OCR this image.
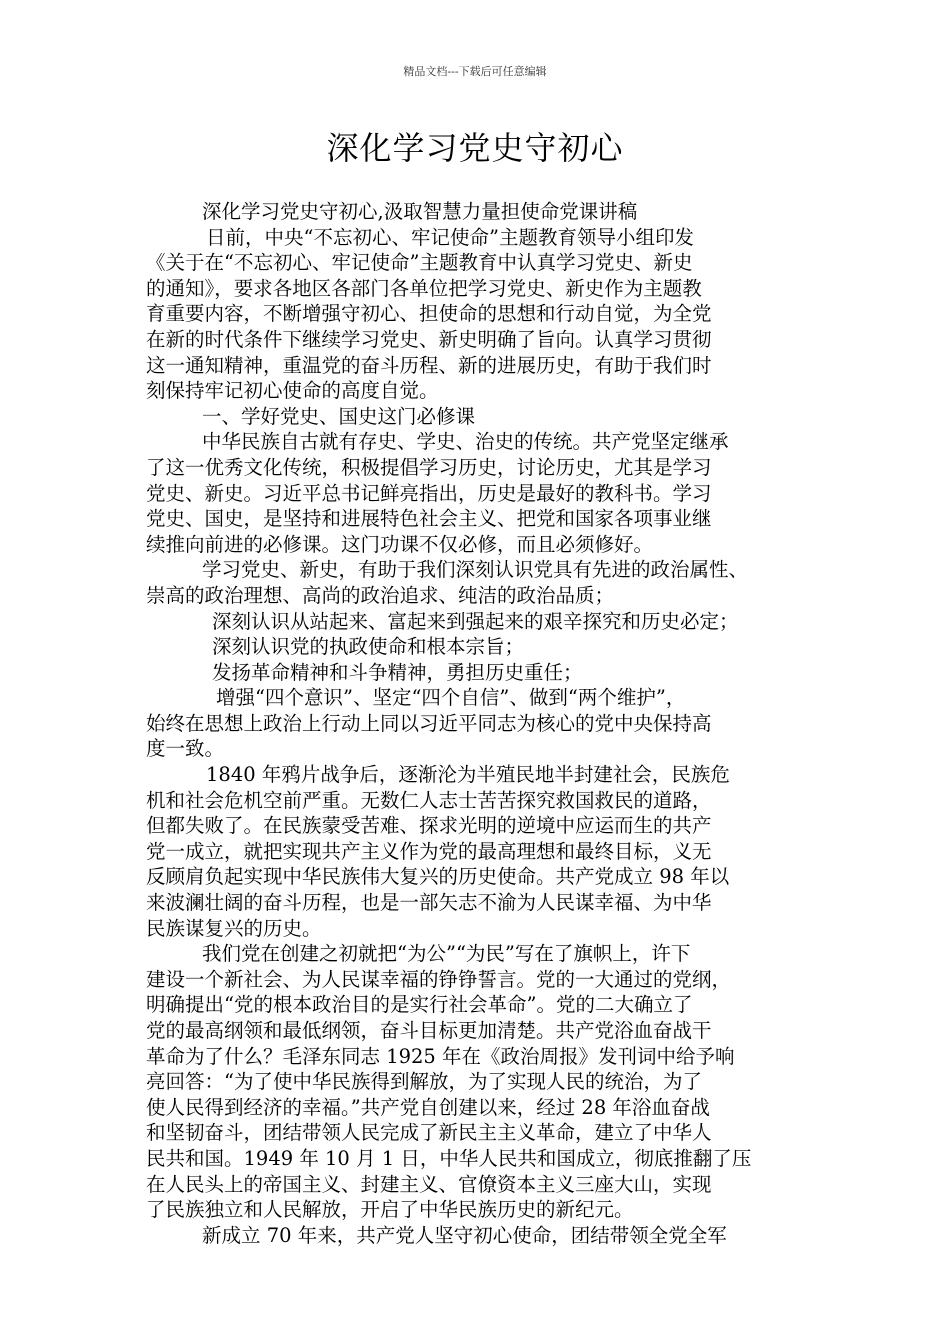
精品文档---下载后可任意编辑
深化学习党史守初心
深化学习党史守初心,汲取智慧力量担使命党课讲稿
日前，中央“不忘初心、牢记使命”主题教育领导小组印发
《关于在“不忘初心、牢记使命”主题教育中认真学习党史、新史
的通知》，要求各地区各部门各单位把学习党史、新史作为主题教
育重要内容，不断增强守初心、担使命的思想和行动自觉，为全党
在新的时代条件下继续学习党史、新史明确了旨向。认真学习贯彻
这一通知精神，重温党的奋斗历程、新的进展历史，有助于我们时
刻保持牢记初心使命的高度自觉。
一、学好党史、国史这门必修课
中华民族自古就有存史、学史、治史的传统。共产党坚定继承
了这一优秀文化传统，积极提倡学习历史，讨论历史，尤其是学习
党史、新史。习近平总书记鲜亮指出，历史是最好的教科书。学习
党史、国史，是坚持和进展特色社会主义、把党和国家各项事业继
续推向前进的必修课。这门功课不仅必修，而且必须修好。
学习党史、新史，有助于我们深刻认识党具有先进的政治属性、
崇高的政治理想、高尚的政治追求、纯洁的政治品质；
深刻认识从站起来、富起来到强起来的艰辛探究和历史必定；
深刻认识党的执政使命和根本宗旨；
发扬革命精神和斗争精神，勇担历史重任；
增强“四个意识”、坚定“四个自信”、做到“两个维护”，
始终在思想上政治上行动上同以习近平同志为核心的党中央保持高
度一致。
1840 年鸦片战争后，逐渐沦为半殖民地半封建社会，民族危
机和社会危机空前严重。无数仁人志士苦苦探究救国救民的道路，
但都失败了。在民族蒙受苦难、探求光明的逆境中应运而生的共产
党一成立，就把实现共产主义作为党的最高理想和最终目标，义无
反顾肩负起实现中华民族伟大复兴的历史使命。共产党成立 98 年以
来波澜壮阔的奋斗历程，也是一部矢志不渝为人民谋幸福、为中华
民族谋复兴的历史。
我们党在创建之初就把“为公”“为民”写在了旗帜上，许下
建设一个新社会、为人民谋幸福的铮铮誓言。党的一大通过的党纲，
明确提出“党的根本政治目的是实行社会革命”。党的二大确立了
党的最高纲领和最低纲领，奋斗目标更加清楚。共产党浴血奋战干
革命为了什么？毛泽东同志 1925 年在《政治周报》发刊词中给予响
亮回答：“为了使中华民族得到解放，为了实现人民的统治，为了
使人民得到经济的幸福。”共产党自创建以来，经过 28 年浴血奋战
和坚韧奋斗，团结带领人民完成了新民主主义革命，建立了中华人
民共和国。1949 年 10 月 1 日，中华人民共和国成立，彻底推翻了压
在人民头上的帝国主义、封建主义、官僚资本主义三座大山，实现
了民族独立和人民解放，开启了中华民族历史的新纪元。
新成立 70 年来，共产党人坚守初心使命，团结带领全党全军
